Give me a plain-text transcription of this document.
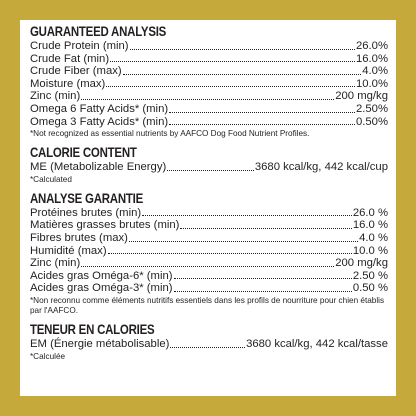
GUARANTEED ANALYSIS
Crude Protein (min)	26.0%
Crude Fat (min)	16.0%
Crude Fiber (max)	4.0%
Moisture (max)	10.0%
Zinc (min)	200 mg/kg
Omega 6 Fatty Acids* (min)	2.50%
Omega 3 Fatty Acids* (min)	0.50%
*Not recognized as essential nutrients by AAFCO Dog Food Nutrient Profiles.
CALORIE CONTENT
ME (Metabolizable Energy)	3680 kcal/kg, 442 kcal/cup
*Calculated
ANALYSE GARANTIE
Protéines brutes (min)	26.0 %
Matières grasses brutes (min)	16.0 %
Fibres brutes (max)	4.0 %
Humidité (max)	10.0 %
Zinc (min)	200 mg/kg
Acides gras Oméga-6* (min)	2.50 %
Acides gras Oméga-3* (min)	0.50 %
*Non reconnu comme éléments nutritifs essentiels dans les profils de nourriture pour chien établis par l'AAFCO.
TENEUR EN CALORIES
EM (Énergie métabolisable)	3680 kcal/kg, 442 kcal/tasse
*Calculée
